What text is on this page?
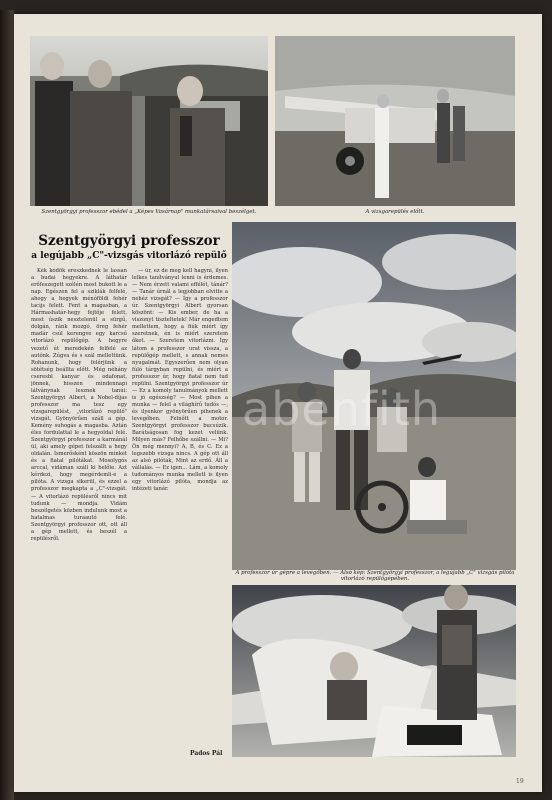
Szentgyörgyi professzor ebédel a „Képes Vasárnap" munkatársaival beszélget.	A vizsgarepülés előtt.
Szentgyörgyi professzor
a legújabb „C"-vizsgás vitorlázó repülő

Kék kódök ereszkednek le lassan a budai hegyekre. A láthatár erőfeszegett szélén most bukott le a nap. Egészen fel a sziklák felfelé, ahogy a hegyek ménóföldi fehér tacijs felett. Fent a magasban, a Hármashatár-hegy fejtője felett, most úszik nesztelenül a sürgű, dolgán, ránk mozgó, öreg fehér madár csúl kerengve egy karcsú vitorlázó repülőgép. A hegyre vezető út meredekén felfelé az autónk. Zúgva és s szál mellettünk. Rohanunk, hogy felérjünk a sötétség beállta előtt. Még néhány cseresbl kanyar és odafonat, jönnek, hisszen mindennapi látványnak lesznek tanúi: Szentgyörgyi Albert, a Nobel-díjas professzor ma tesz egy vizsgarepülést, „vitorlázó repülő" vizsgát. Gyönyörűen száll a gép. Kemény suhogás a magasba. Aztán éles fordulattal le a hegyoldal felé. Szentgyörgyi professzor a karmánál ül, aki amely gépet felszállt a hegy oldalán. Ismerősként köszön minket és a fiatal pilótákat. Mosolygós arccal, vidáman száll ki belőle. Azt kérdezi, hogy megérdemli-e a pilóta. A vizsga sikerül, és ezzel a professzor megkapta a „C"-vizsgát. — A vitorlázó repülésről nincs mit tudunk — mondja. Vidám beszélgetés közben indulunk most a hatalmas turaautó felé. Szentgyörgyi professzor ott, ott áll a gép mellett, és beszél a repülésről.

— úr, ez de meg kell hagyni, ilyen lelkes tanítványul lenni is érdemes. — Nem érzett valami effélét, tánár? — Tanár úrnál a legjobban elvitte a nehéz vizsgát? — Így a professzor úr. Szentgyörgyi Albert gyorsan köszönt: — Kis ember, de ha a viszonyt tiszteltetek! Már engedtem mellettem, hogy a fiúk miért így szeretnek, én is miért szeretem őket. — Szeretem vitorlázni. Így látom a professzor urat vissza, a repülőgép mellett, s annak nemes nyugalmát. Egyszerűen nem olyan fúló tárgyban repülni, és miért a professzor úr, hogy fiatal nem tud repülni. Szentgyörgyi professzor úr — Ez a komoly tanulmányok mellett is jó egészség? — Most pihen a munka — felel a világhírű tudós —, és ilyenkor gyönyörűen pihenek a levegőben. Felnőtt a motor. Szentgyörgyi professzor bucsúzik. Barátságosan fog kezet velünk. Milyen más? Felhőbe szállni. — Mi? Ön még mennyi? A, B, és C. Ez a legszebb vizsga nincs. A gép ott áll az alsó pilóták, Mint az erdő. Áll a vállalás. — Ez igen... Lám, a komoly tudományos munka mellett is ilyen egy vitorlázó pilóta, mondja az intézeti tanár.

Pados Pál
abenfith
A professzor úr gépre a levegőben. — Alsó kép: Szentgyörgyi professzor, a legújabb „C" vizsgás pilóta vitorlázó repülőgépében.
19
